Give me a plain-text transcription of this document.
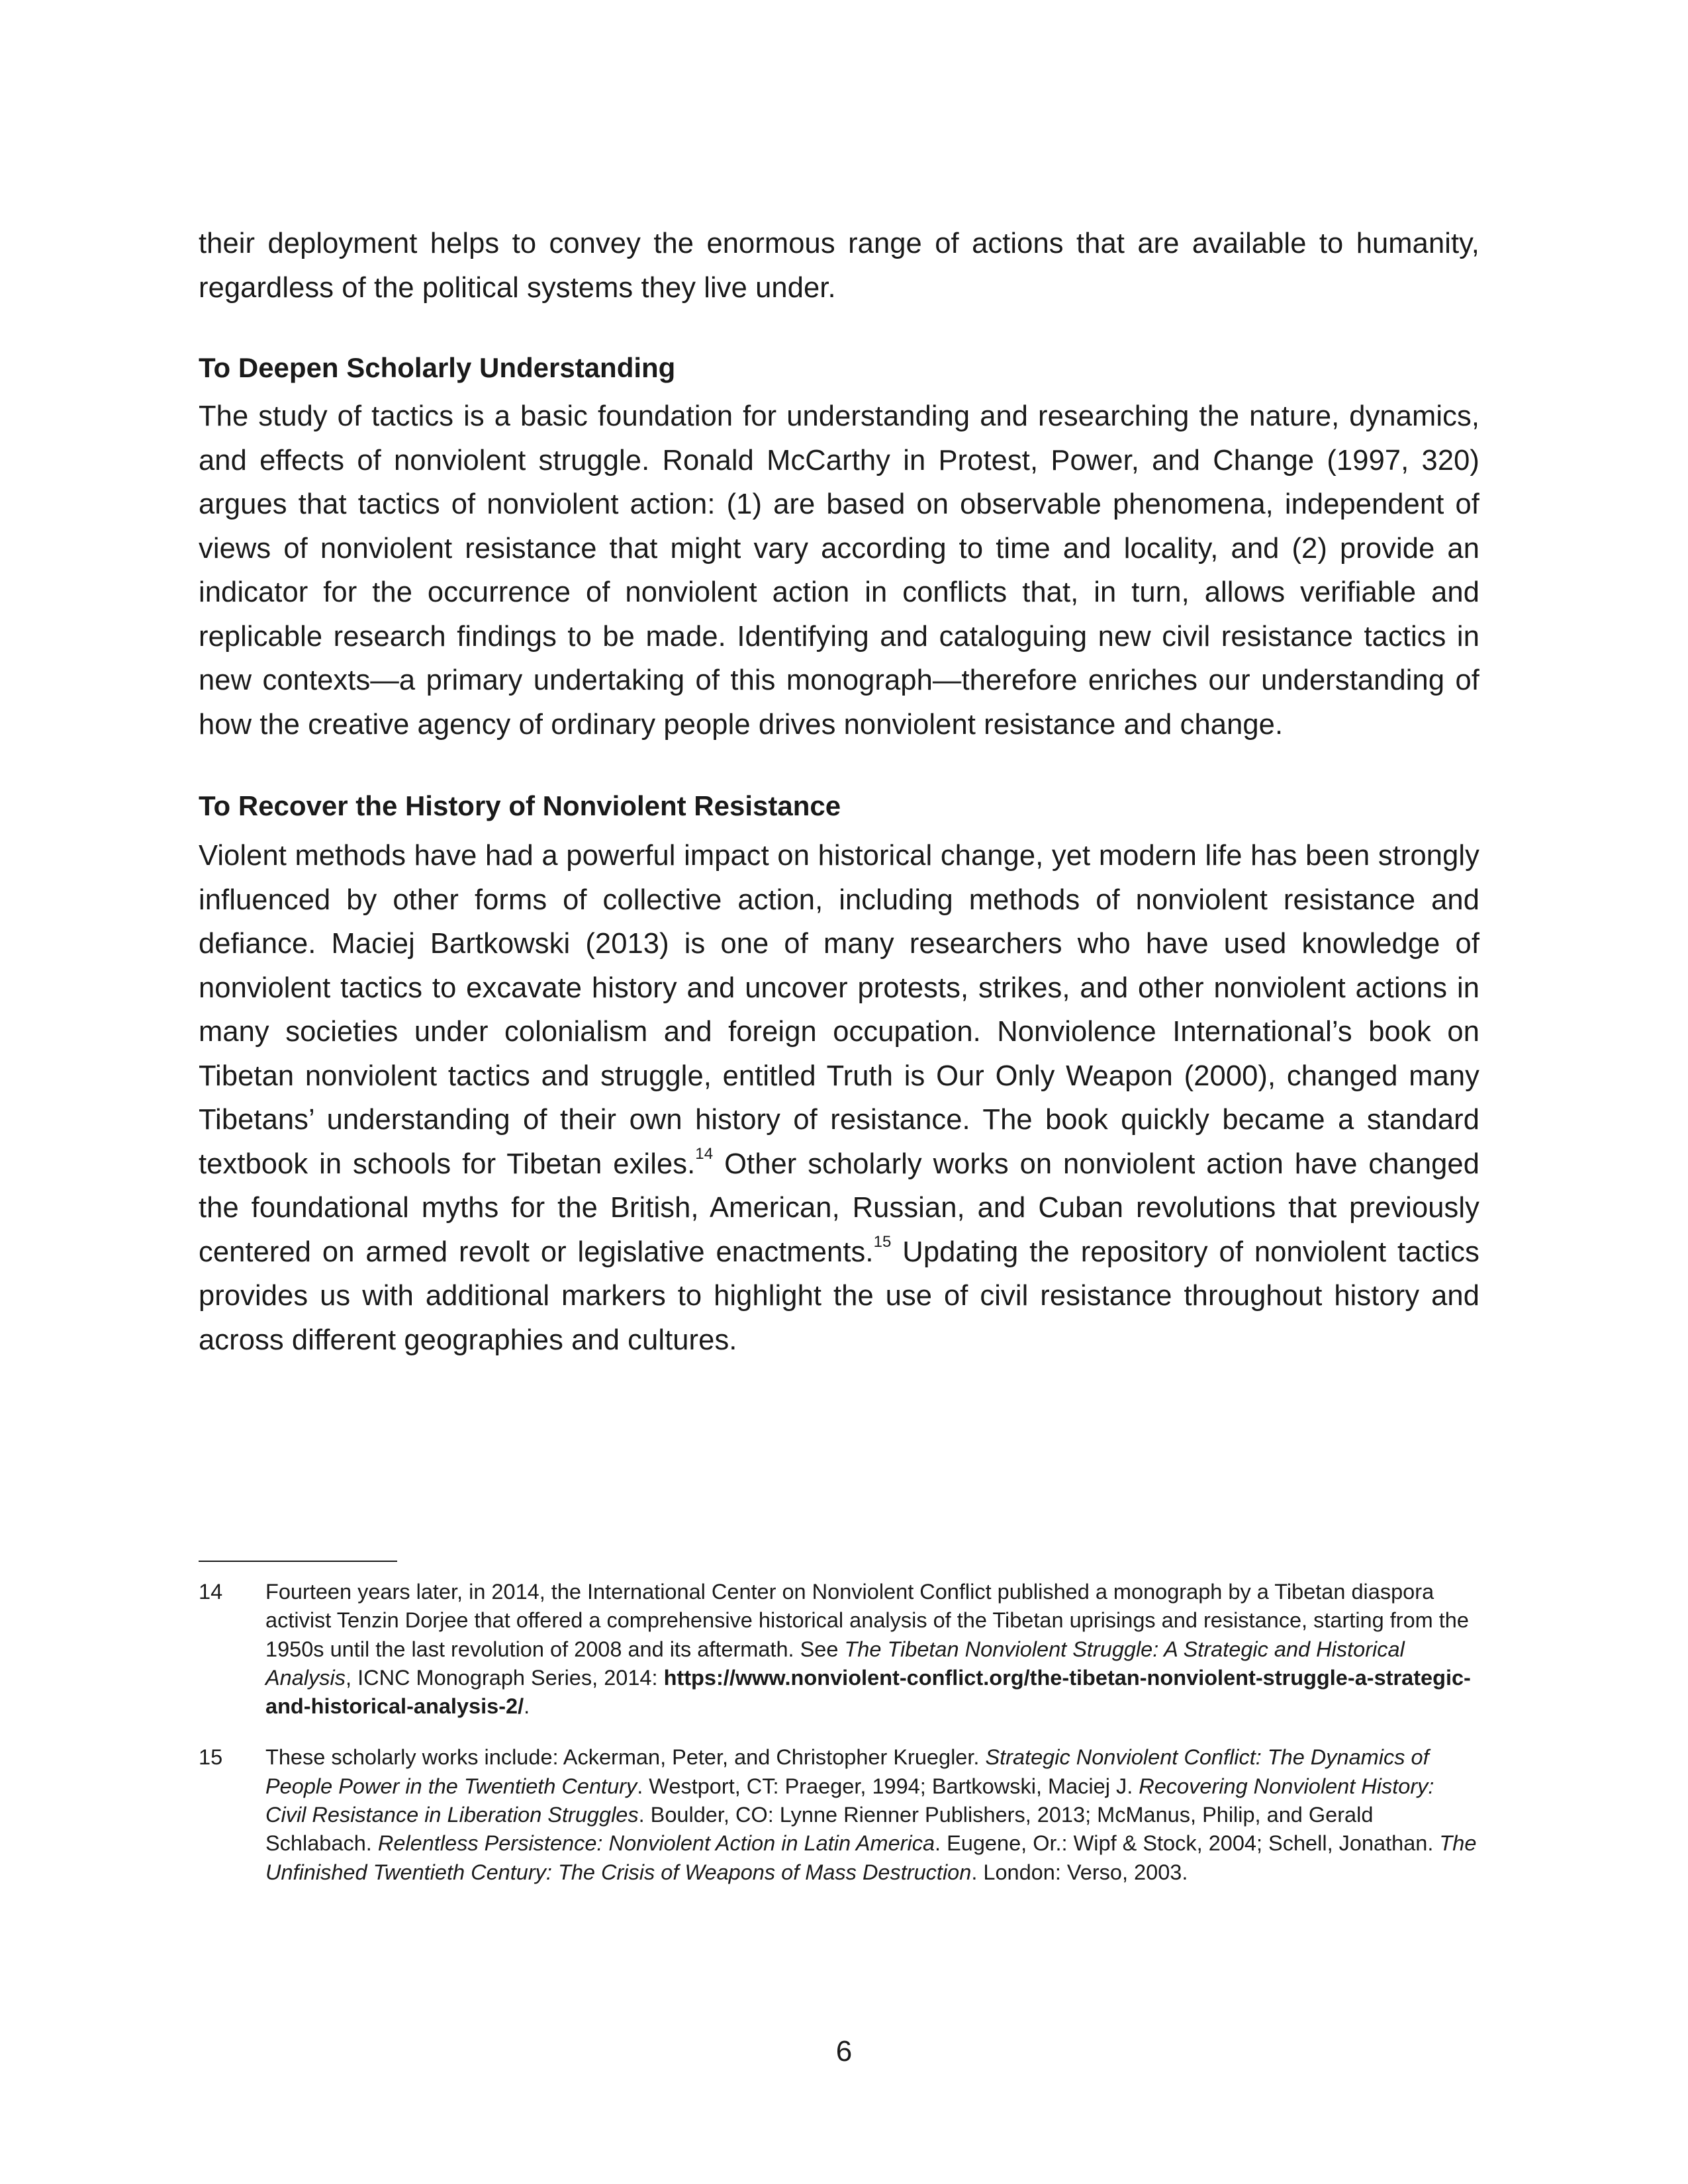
their deployment helps to convey the enormous range of actions that are available to humanity, regardless of the political systems they live under.

To Deepen Scholarly Understanding

The study of tactics is a basic foundation for understanding and researching the nature, dynamics, and effects of nonviolent struggle. Ronald McCarthy in Protest, Power, and Change (1997, 320) argues that tactics of nonviolent action: (1) are based on observable phenomena, independent of views of nonviolent resistance that might vary according to time and locality, and (2) provide an indicator for the occurrence of nonviolent action in conflicts that, in turn, allows verifiable and replicable research findings to be made. Identifying and cataloguing new civil resistance tactics in new contexts—a primary undertaking of this monograph—therefore enriches our understanding of how the creative agency of ordinary people drives nonviolent resistance and change.

To Recover the History of Nonviolent Resistance

Violent methods have had a powerful impact on historical change, yet modern life has been strongly influenced by other forms of collective action, including methods of nonviolent resistance and defiance. Maciej Bartkowski (2013) is one of many researchers who have used knowledge of nonviolent tactics to excavate history and uncover protests, strikes, and other nonviolent actions in many societies under colonialism and foreign occupation. Nonviolence International’s book on Tibetan nonviolent tactics and struggle, entitled Truth is Our Only Weapon (2000), changed many Tibetans’ understanding of their own history of resistance. The book quickly became a standard textbook in schools for Tibetan exiles.$^{14}$ Other scholarly works on nonviolent action have changed the foundational myths for the British, American, Russian, and Cuban revolutions that previously centered on armed revolt or legislative enactments.$^{15}$ Updating the repository of nonviolent tactics provides us with additional markers to highlight the use of civil resistance throughout history and across different geographies and cultures.

14	Fourteen years later, in 2014, the International Center on Nonviolent Conflict published a monograph by a Tibetan diaspora activist Tenzin Dorjee that offered a comprehensive historical analysis of the Tibetan uprisings and resistance, starting from the 1950s until the last revolution of 2008 and its aftermath. See The Tibetan Nonviolent Struggle: A Strategic and Historical Analysis, ICNC Monograph Series, 2014: https://www.nonviolent-conflict.org/the-tibetan-nonviolent-struggle-a-strategic-and-historical-analysis-2/.
15	These scholarly works include: Ackerman, Peter, and Christopher Kruegler. Strategic Nonviolent Conflict: The Dynamics of People Power in the Twentieth Century. Westport, CT: Praeger, 1994; Bartkowski, Maciej J. Recovering Nonviolent History: Civil Resistance in Liberation Struggles. Boulder, CO: Lynne Rienner Publishers, 2013; McManus, Philip, and Gerald Schlabach. Relentless Persistence: Nonviolent Action in Latin America. Eugene, Or.: Wipf & Stock, 2004; Schell, Jonathan. The Unfinished Twentieth Century: The Crisis of Weapons of Mass Destruction. London: Verso, 2003.
6
